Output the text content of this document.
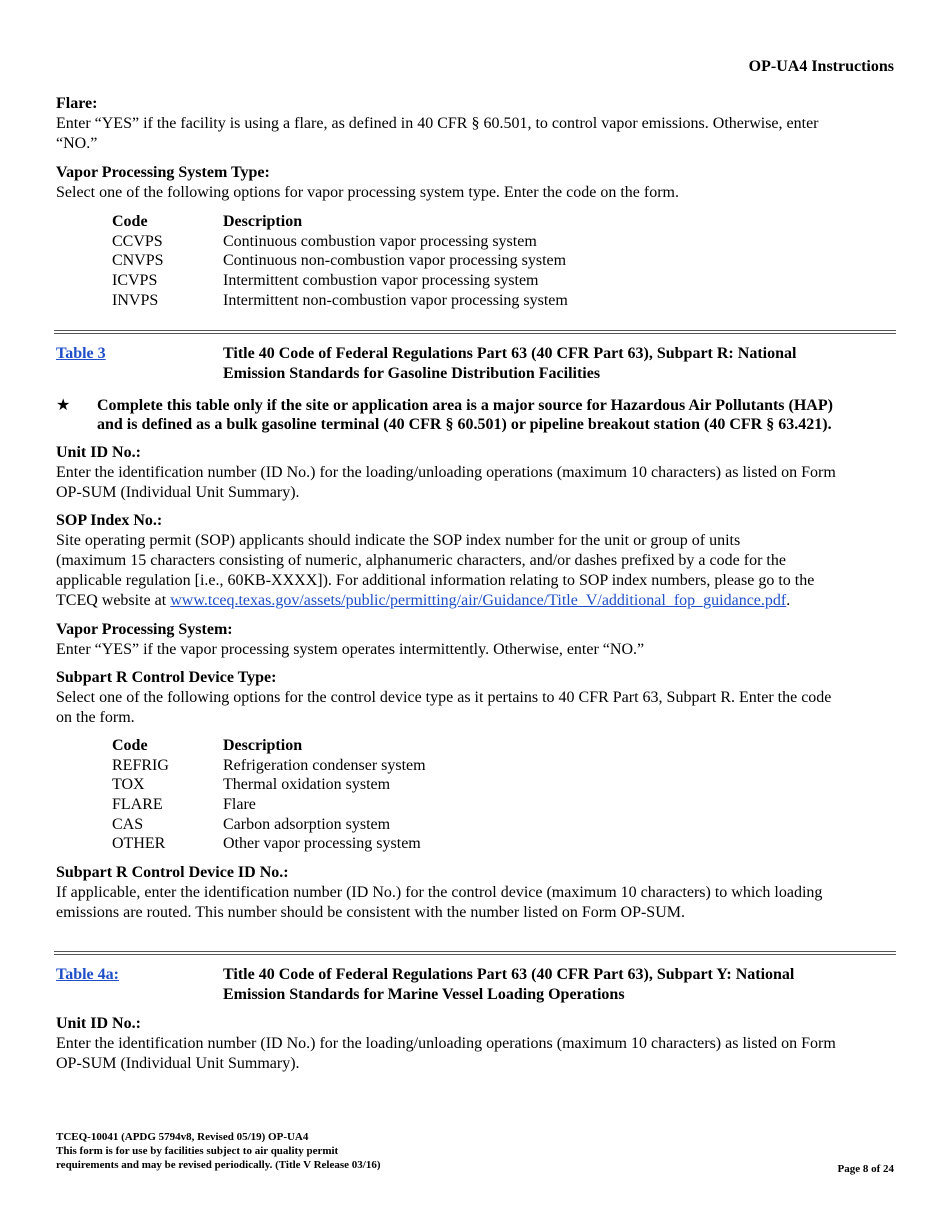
OP-UA4 Instructions
Flare:
Enter “YES” if the facility is using a flare, as defined in 40 CFR § 60.501, to control vapor emissions. Otherwise, enter
“NO.”
Vapor Processing System Type:
Select one of the following options for vapor processing system type. Enter the code on the form.
Code	Description
CCVPS	Continuous combustion vapor processing system
CNVPS	Continuous non-combustion vapor processing system
ICVPS	Intermittent combustion vapor processing system
INVPS	Intermittent non-combustion vapor processing system
Table 3	Title 40 Code of Federal Regulations Part 63 (40 CFR Part 63), Subpart R: National
Emission Standards for Gasoline Distribution Facilities
★ Complete this table only if the site or application area is a major source for Hazardous Air Pollutants (HAP)
and is defined as a bulk gasoline terminal (40 CFR § 60.501) or pipeline breakout station (40 CFR § 63.421).
Unit ID No.:
Enter the identification number (ID No.) for the loading/unloading operations (maximum 10 characters) as listed on Form
OP-SUM (Individual Unit Summary).
SOP Index No.:
Site operating permit (SOP) applicants should indicate the SOP index number for the unit or group of units
(maximum 15 characters consisting of numeric, alphanumeric characters, and/or dashes prefixed by a code for the
applicable regulation [i.e., 60KB-XXXX]). For additional information relating to SOP index numbers, please go to the
TCEQ website at www.tceq.texas.gov/assets/public/permitting/air/Guidance/Title_V/additional_fop_guidance.pdf.
Vapor Processing System:
Enter “YES” if the vapor processing system operates intermittently. Otherwise, enter “NO.”
Subpart R Control Device Type:
Select one of the following options for the control device type as it pertains to 40 CFR Part 63, Subpart R. Enter the code
on the form.
Code	Description
REFRIG	Refrigeration condenser system
TOX	Thermal oxidation system
FLARE	Flare
CAS	Carbon adsorption system
OTHER	Other vapor processing system
Subpart R Control Device ID No.:
If applicable, enter the identification number (ID No.) for the control device (maximum 10 characters) to which loading
emissions are routed. This number should be consistent with the number listed on Form OP-SUM.
Table 4a:	Title 40 Code of Federal Regulations Part 63 (40 CFR Part 63), Subpart Y: National
Emission Standards for Marine Vessel Loading Operations
Unit ID No.:
Enter the identification number (ID No.) for the loading/unloading operations (maximum 10 characters) as listed on Form
OP-SUM (Individual Unit Summary).
TCEQ-10041 (APDG 5794v8, Revised 05/19) OP-UA4
This form is for use by facilities subject to air quality permit
requirements and may be revised periodically. (Title V Release 03/16)	Page 8 of 24
